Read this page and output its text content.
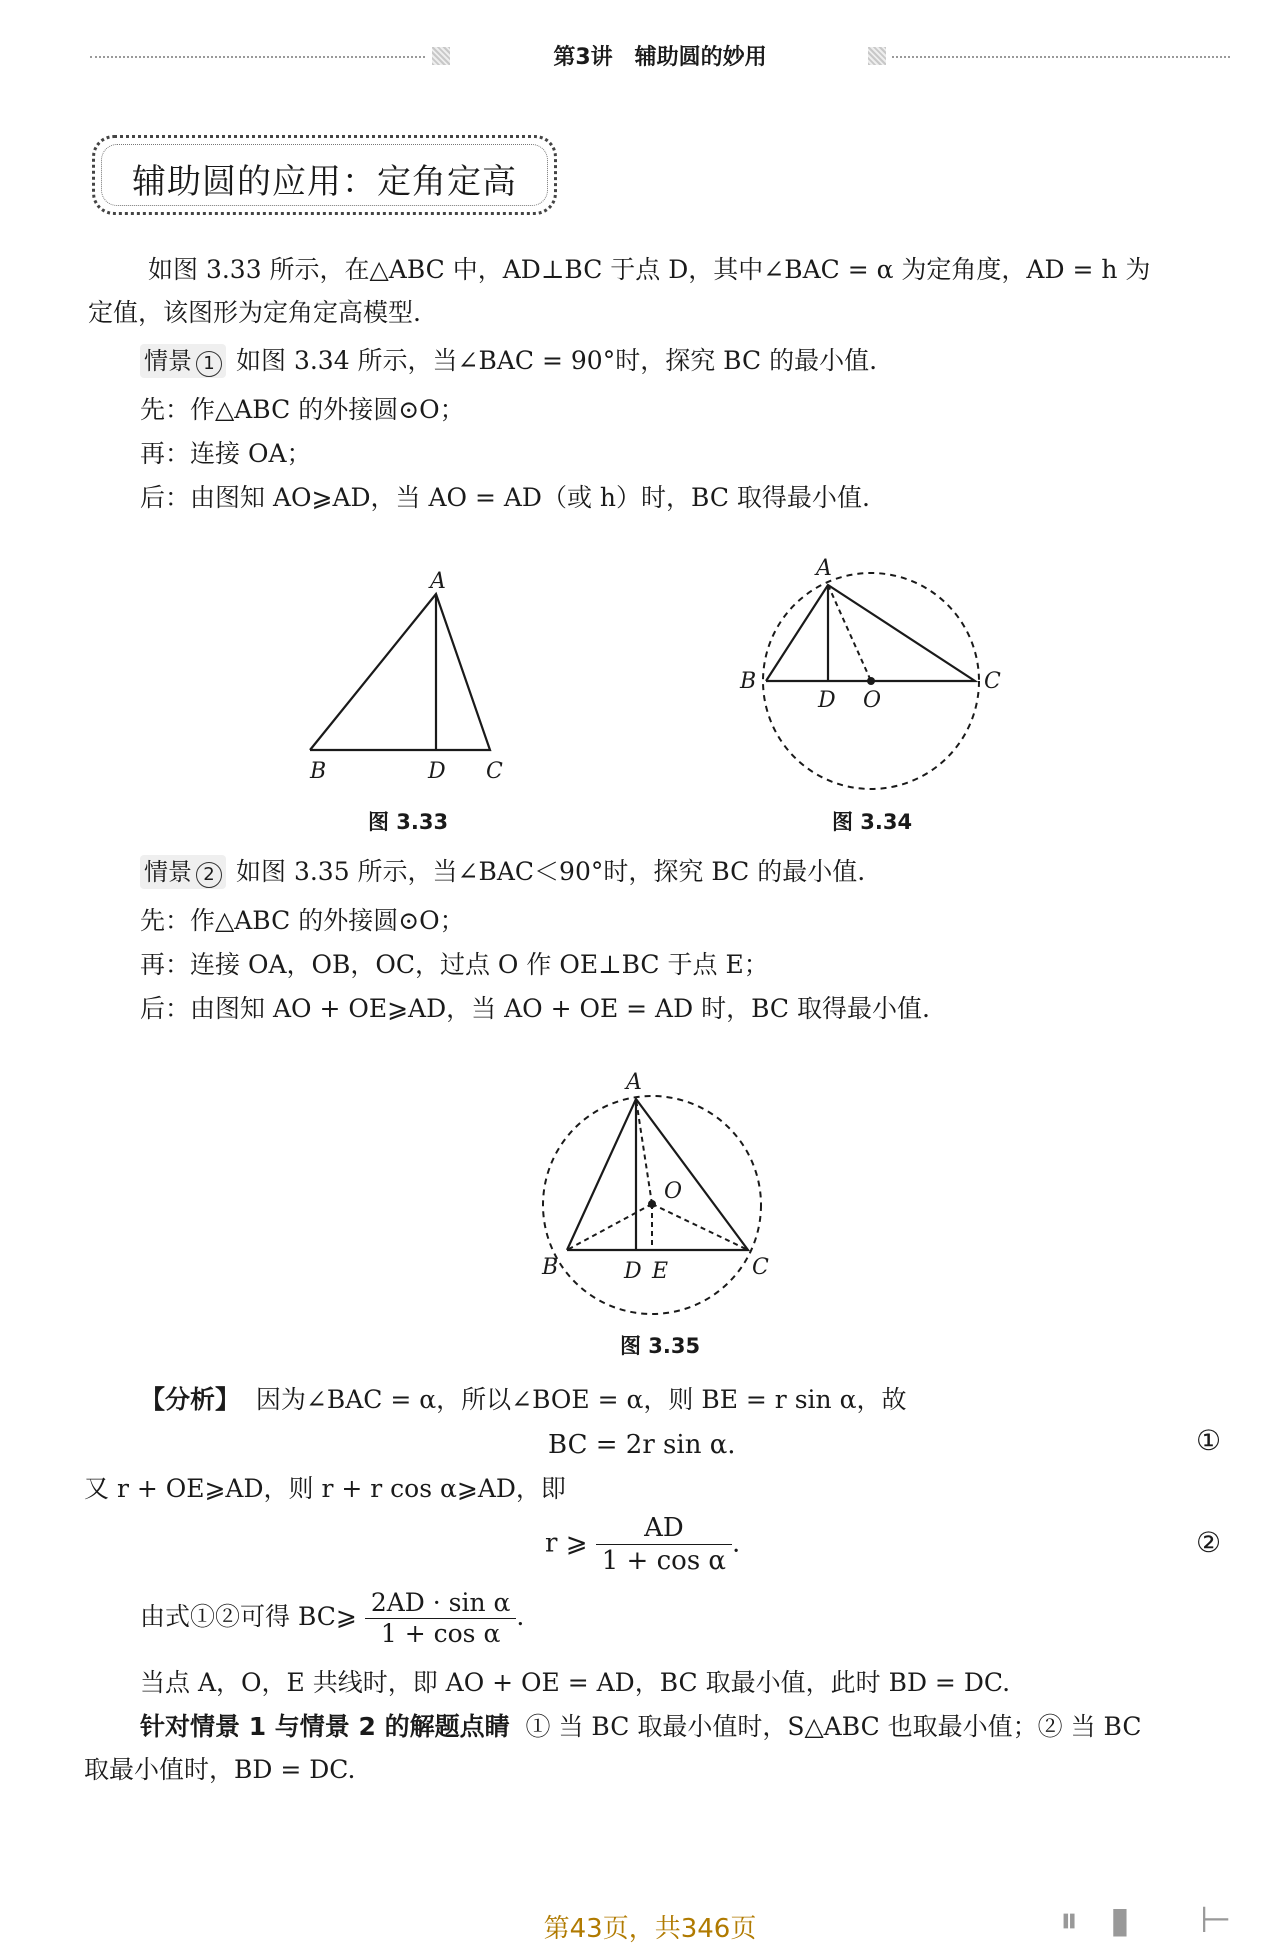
第3讲　辅助圆的妙用
辅助圆的应用：定角定高
如图 3.33 所示，在△ABC 中，AD⊥BC 于点 D，其中∠BAC = α 为定角度，AD = h 为
定值，该图形为定角定高模型.
情景 1 如图 3.34 所示，当∠BAC = 90°时，探究 BC 的最小值.
先：作△ABC 的外接圆⊙O；
再：连接 OA；
后：由图知 AO⩾AD，当 AO = AD（或 h）时，BC 取得最小值.
A
B	D C
图 3.33
A
B
D O
C
图 3.34
情景 2 如图 3.35 所示，当∠BAC＜90°时，探究 BC 的最小值.
先：作△ABC 的外接圆⊙O；
再：连接 OA，OB，OC，过点 O 作 OE⊥BC 于点 E；
后：由图知 AO + OE⩾AD，当 AO + OE = AD 时，BC 取得最小值.
A
O
B	D E	C
图 3.35
【分析】 因为∠BAC = α，所以∠BOE = α，则 BE = r sin α，故
BC = 2r sin α.	①
又 r + OE⩾AD，则 r + r cos α⩾AD，即
r ⩾ $\frac{AD}{\text{1 + cos α}}$ .	②
由式①②可得 BC⩾ $\frac{\text{2AD · sin α}}{\text{1 + cos α}}$ .
当点 A，O，E 共线时，即 AO + OE = AD，BC 取最小值，此时 BD = DC.
针对情景 1 与情景 2 的解题点睛 ① 当 BC 取最小值时，S△ABC 也取最小值；② 当 BC
取最小值时，BD = DC.
第43页，共346页	⏸ ▮ ⊢
